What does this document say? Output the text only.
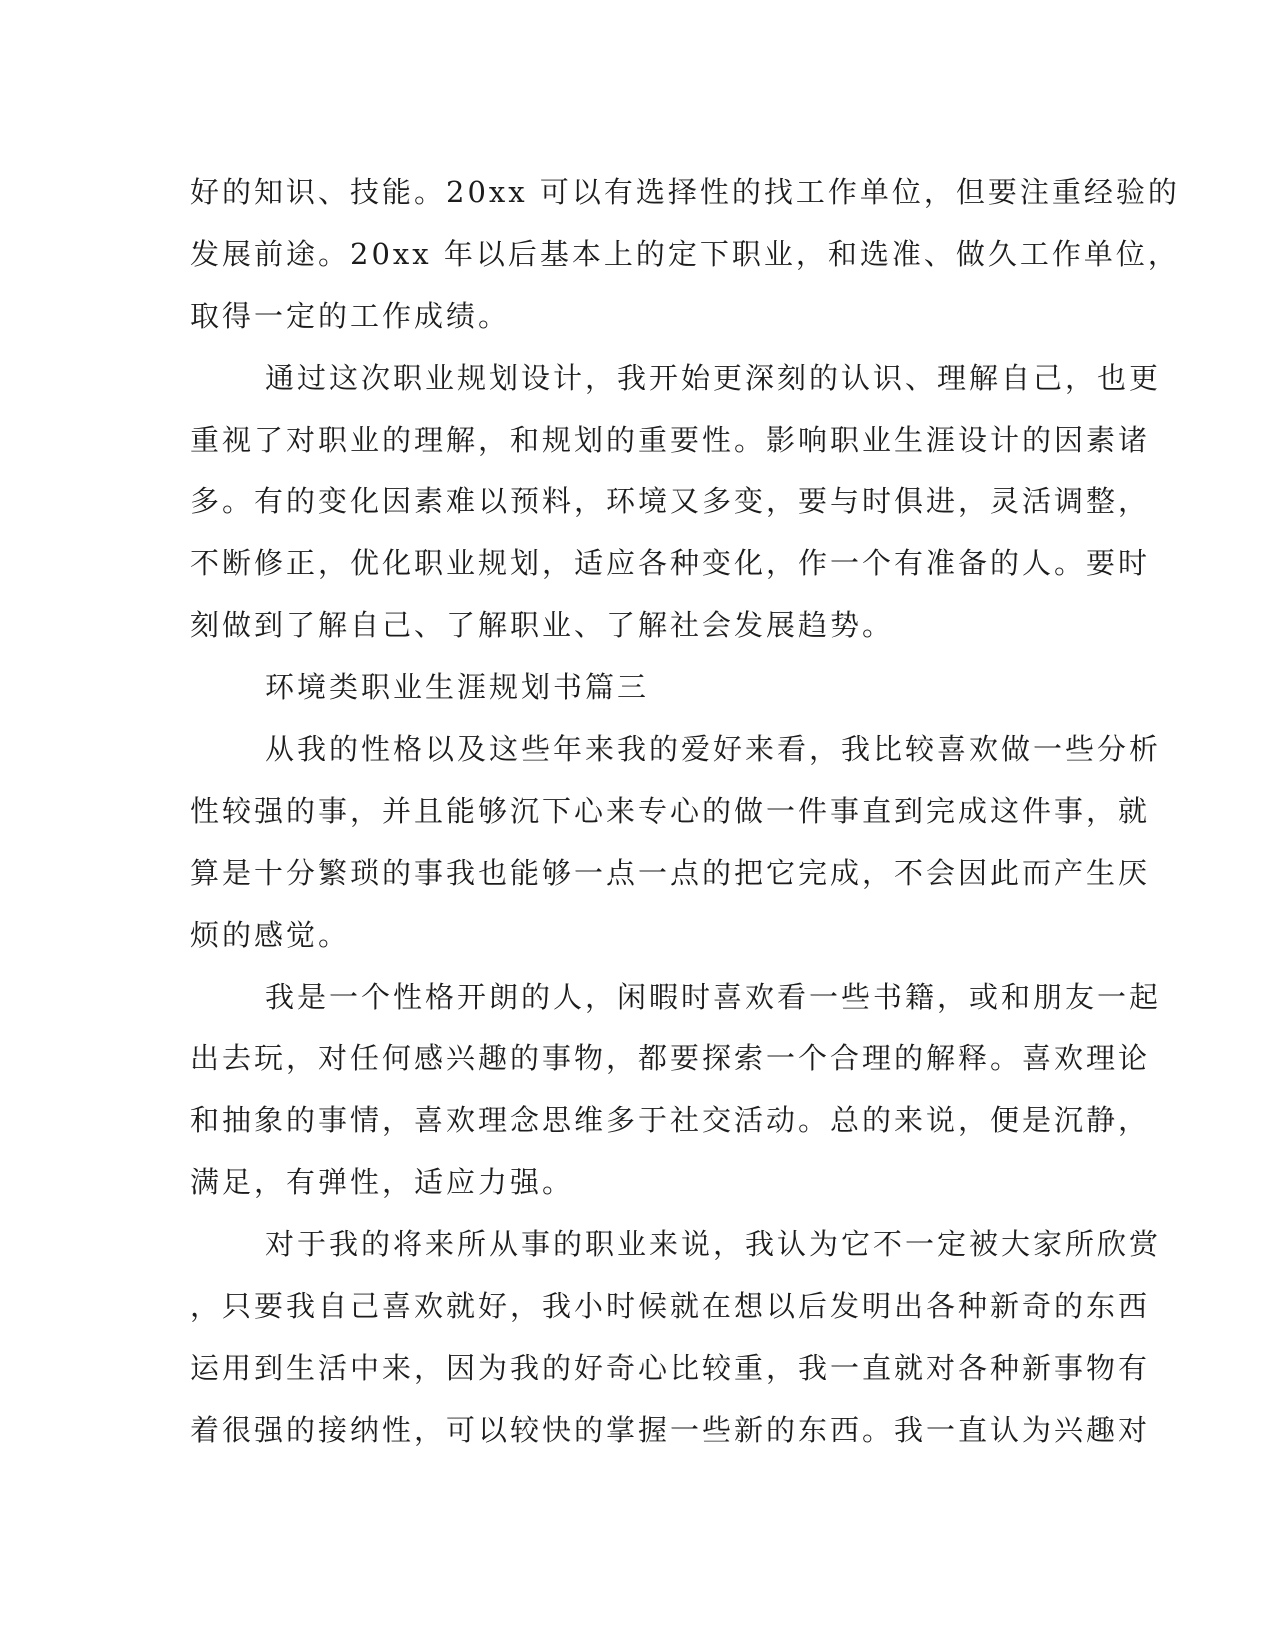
好的知识、技能。20xx 可以有选择性的找工作单位，但要注重经验的
发展前途。20xx 年以后基本上的定下职业，和选准、做久工作单位，
取得一定的工作成绩。
通过这次职业规划设计，我开始更深刻的认识、理解自己，也更
重视了对职业的理解，和规划的重要性。影响职业生涯设计的因素诸
多。有的变化因素难以预料，环境又多变，要与时俱进，灵活调整，
不断修正，优化职业规划，适应各种变化，作一个有准备的人。要时
刻做到了解自己、了解职业、了解社会发展趋势。
环境类职业生涯规划书篇三
从我的性格以及这些年来我的爱好来看，我比较喜欢做一些分析
性较强的事，并且能够沉下心来专心的做一件事直到完成这件事，就
算是十分繁琐的事我也能够一点一点的把它完成，不会因此而产生厌
烦的感觉。
我是一个性格开朗的人，闲暇时喜欢看一些书籍，或和朋友一起
出去玩，对任何感兴趣的事物，都要探索一个合理的解释。喜欢理论
和抽象的事情，喜欢理念思维多于社交活动。总的来说，便是沉静，
满足，有弹性，适应力强。
对于我的将来所从事的职业来说，我认为它不一定被大家所欣赏
，只要我自己喜欢就好，我小时候就在想以后发明出各种新奇的东西
运用到生活中来，因为我的好奇心比较重，我一直就对各种新事物有
着很强的接纳性，可以较快的掌握一些新的东西。我一直认为兴趣对
